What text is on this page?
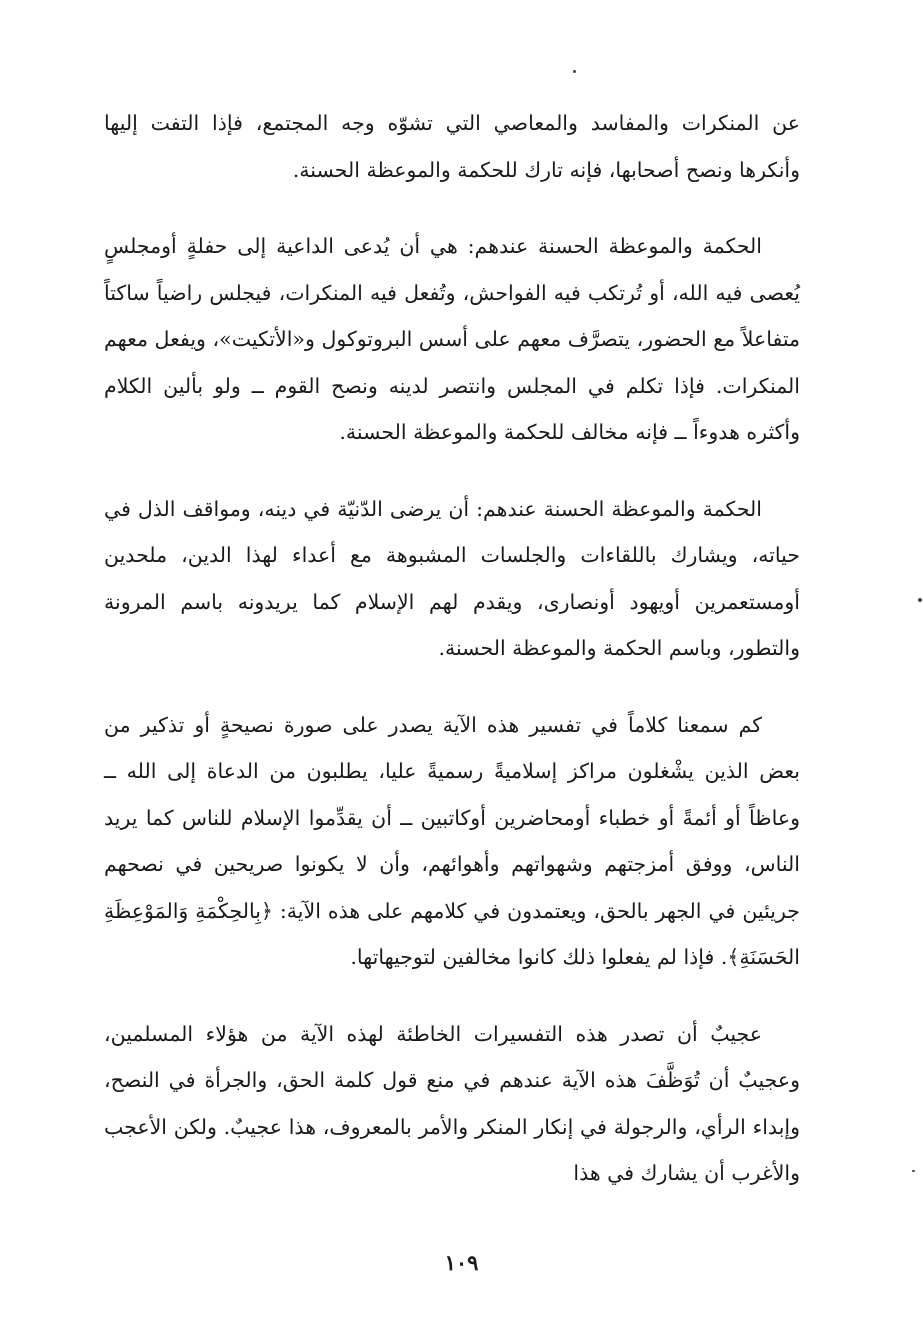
عن المنكرات والمفاسد والمعاصي التي تشوّه وجه المجتمع، فإذا التفت إليها وأنكرها ونصح أصحابها، فإنه تارك للحكمة والموعظة الحسنة.

الحكمة والموعظة الحسنة عندهم: هي أن يُدعى الداعية إلى حفلةٍ أومجلسٍ يُعصى فيه الله، أو تُرتكب فيه الفواحش، وتُفعل فيه المنكرات، فيجلس راضياً ساكتاً متفاعلاً مع الحضور، يتصرَّف معهم على أسس البروتوكول و«الأتكيت»، ويفعل معهم المنكرات. فإذا تكلم في المجلس وانتصر لدينه ونصح القوم ــ ولو بألين الكلام وأكثره هدوءاً ــ فإنه مخالف للحكمة والموعظة الحسنة.

الحكمة والموعظة الحسنة عندهم: أن يرضى الدّنيّة في دينه، ومواقف الذل في حياته، ويشارك باللقاءات والجلسات المشبوهة مع أعداء لهذا الدين، ملحدين أومستعمرين أويهود أونصارى، ويقدم لهم الإسلام كما يريدونه باسم المرونة والتطور، وباسم الحكمة والموعظة الحسنة.

كم سمعنا كلاماً في تفسير هذه الآية يصدر على صورة نصيحةٍ أو تذكير من بعض الذين يشْغلون مراكز إسلاميةً رسميةً عليا، يطلبون من الدعاة إلى الله ــ وعاظاً أو أئمةً أو خطباء أومحاضرين أوكاتبين ــ أن يقدِّموا الإسلام للناس كما يريد الناس، ووفق أمزجتهم وشهواتهم وأهوائهم، وأن لا يكونوا صريحين في نصحهم جريئين في الجهر بالحق، ويعتمدون في كلامهم على هذه الآية: ﴿بِالحِكْمَةِ وَالمَوْعِظَةِ الحَسَنَةِ﴾. فإذا لم يفعلوا ذلك كانوا مخالفين لتوجيهاتها.

عجيبٌ أن تصدر هذه التفسيرات الخاطئة لهذه الآية من هؤلاء المسلمين، وعجيبٌ أن تُوَظَّفَ هذه الآية عندهم في منع قول كلمة الحق، والجرأة في النصح، وإبداء الرأي، والرجولة في إنكار المنكر والأمر بالمعروف، هذا عجيبٌ. ولكن الأعجب والأغرب أن يشارك في هذا

١٠٩
